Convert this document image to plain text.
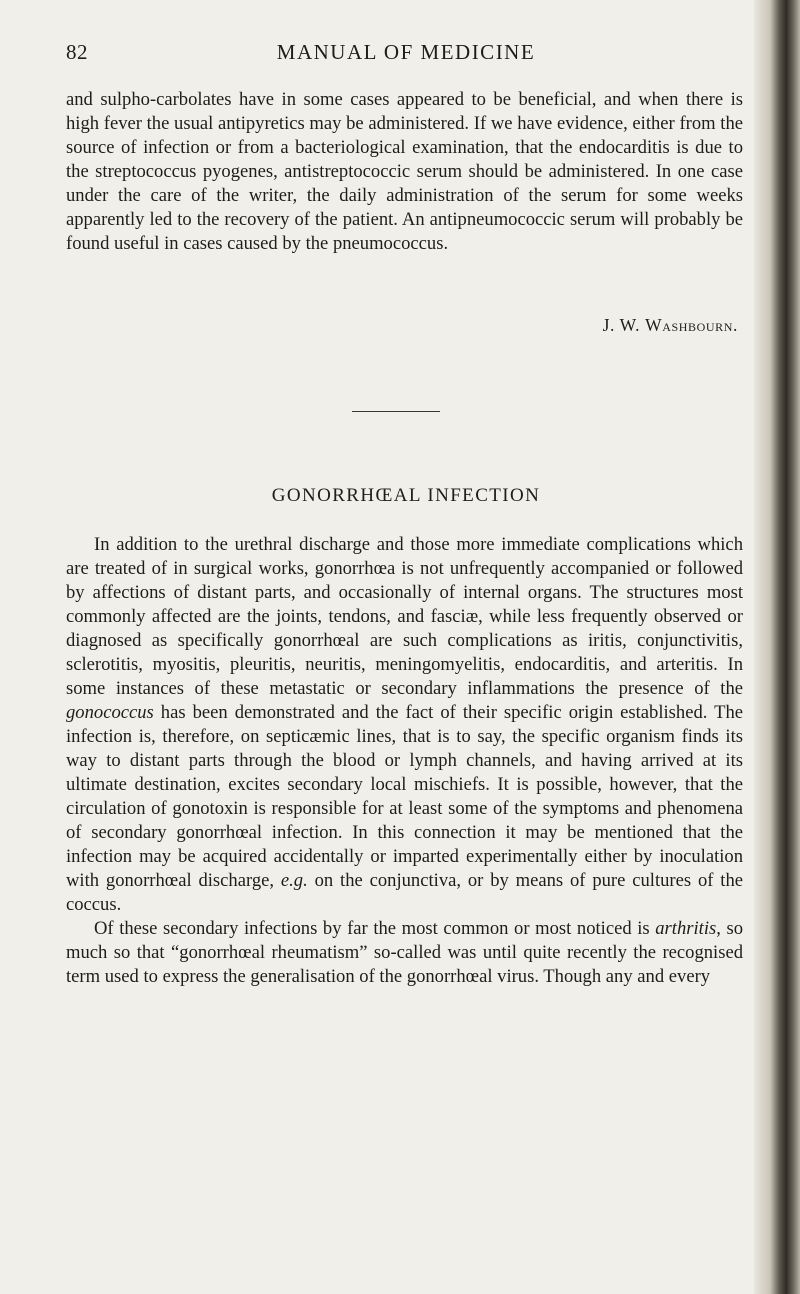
82	MANUAL OF MEDICINE
and sulpho-carbolates have in some cases appeared to be beneficial, and when there is high fever the usual antipyretics may be administered. If we have evidence, either from the source of infection or from a bacteriological examination, that the endocarditis is due to the streptococcus pyogenes, antistreptococcic serum should be administered. In one case under the care of the writer, the daily administration of the serum for some weeks apparently led to the recovery of the patient. An antipneumococcic serum will probably be found useful in cases caused by the pneumococcus.
J. W. Washbourn.
GONORRHŒAL INFECTION

In addition to the urethral discharge and those more immediate complications which are treated of in surgical works, gonorrhœa is not unfrequently accompanied or followed by affections of distant parts, and occasionally of internal organs. The structures most commonly affected are the joints, tendons, and fasciæ, while less frequently observed or diagnosed as specifically gonorrhœal are such complications as iritis, conjunctivitis, sclerotitis, myositis, pleuritis, neuritis, meningomyelitis, endocarditis, and arteritis. In some instances of these metastatic or secondary inflammations the presence of the gonococcus has been demonstrated and the fact of their specific origin established. The infection is, therefore, on septicæmic lines, that is to say, the specific organism finds its way to distant parts through the blood or lymph channels, and having arrived at its ultimate destination, excites secondary local mischiefs. It is possible, however, that the circulation of gonotoxin is responsible for at least some of the symptoms and phenomena of secondary gonorrhœal infection. In this connection it may be mentioned that the infection may be acquired accidentally or imparted experimentally either by inoculation with gonorrhœal discharge, e.g. on the conjunctiva, or by means of pure cultures of the coccus.

Of these secondary infections by far the most common or most noticed is arthritis, so much so that “gonorrhœal rheumatism” so-called was until quite recently the recognised term used to express the generalisation of the gonorrhœal virus. Though any and every
